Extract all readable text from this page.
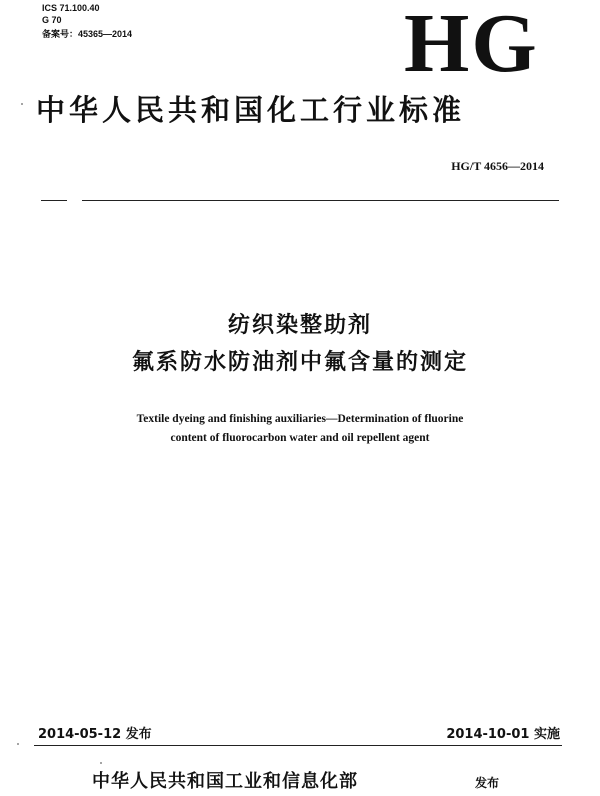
ICS 71.100.40
G 70
备案号：45365—2014	HG
中华人民共和国化工行业标准
HG/T 4656—2014
纺织染整助剂
氟系防水防油剂中氟含量的测定
Textile dyeing and finishing auxiliaries—Determination of fluorine
content of fluorocarbon water and oil repellent agent
2014-05-12 发布	2014-10-01 实施
中华人民共和国工业和信息化部	发布
